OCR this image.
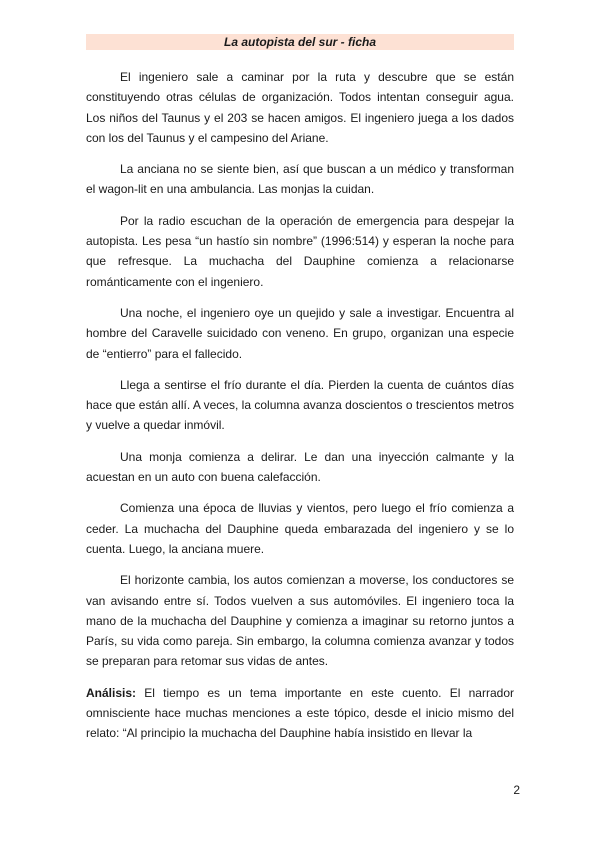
La autopista del sur - ficha

El ingeniero sale a caminar por la ruta y descubre que se están constituyendo otras células de organización. Todos intentan conseguir agua. Los niños del Taunus y el 203 se hacen amigos. El ingeniero juega a los dados con los del Taunus y el campesino del Ariane.

La anciana no se siente bien, así que buscan a un médico y transforman el wagon-lit en una ambulancia. Las monjas la cuidan.

Por la radio escuchan de la operación de emergencia para despejar la autopista. Les pesa “un hastío sin nombre” (1996:514) y esperan la noche para que refresque. La muchacha del Dauphine comienza a relacionarse románticamente con el ingeniero.

Una noche, el ingeniero oye un quejido y sale a investigar. Encuentra al hombre del Caravelle suicidado con veneno. En grupo, organizan una especie de “entierro” para el fallecido.

Llega a sentirse el frío durante el día. Pierden la cuenta de cuántos días hace que están allí. A veces, la columna avanza doscientos o trescientos metros y vuelve a quedar inmóvil.

Una monja comienza a delirar. Le dan una inyección calmante y la acuestan en un auto con buena calefacción.

Comienza una época de lluvias y vientos, pero luego el frío comienza a ceder. La muchacha del Dauphine queda embarazada del ingeniero y se lo cuenta. Luego, la anciana muere.

El horizonte cambia, los autos comienzan a moverse, los conductores se van avisando entre sí. Todos vuelven a sus automóviles. El ingeniero toca la mano de la muchacha del Dauphine y comienza a imaginar su retorno juntos a París, su vida como pareja. Sin embargo, la columna comienza avanzar y todos se preparan para retomar sus vidas de antes.

Análisis: El tiempo es un tema importante en este cuento. El narrador omnisciente hace muchas menciones a este tópico, desde el inicio mismo del relato: “Al principio la muchacha del Dauphine había insistido en llevar la

2
